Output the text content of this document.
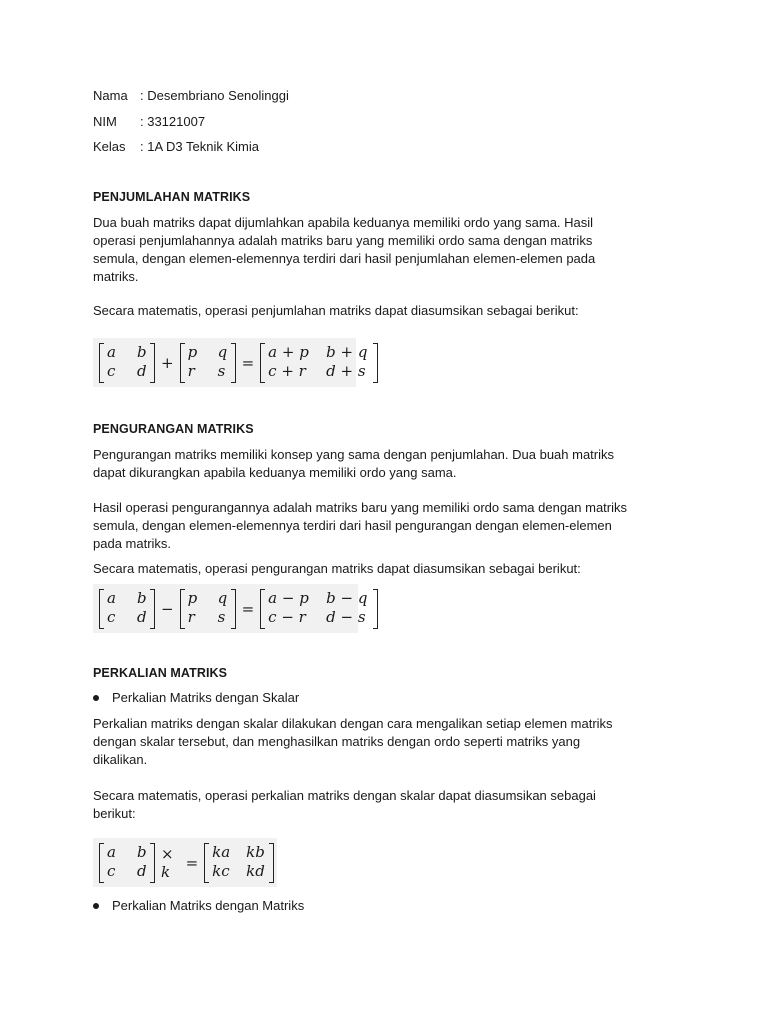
Nama : Desembriano Senolinggi
NIM : 33121007
Kelas : 1A D3 Teknik Kimia
PENJUMLAHAN MATRIKS
Dua buah matriks dapat dijumlahkan apabila keduanya memiliki ordo yang sama. Hasil
operasi penjumlahannya adalah matriks baru yang memiliki ordo sama dengan matriks
semula, dengan elemen-elemennya terdiri dari hasil penjumlahan elemen-elemen pada
matriks.
Secara matematis, operasi penjumlahan matriks dapat diasumsikan sebagai berikut:
a	b
c	d +
p	q
r	s	=
a + p	b + q
c + r	d + s
PENGURANGAN MATRIKS
Pengurangan matriks memiliki konsep yang sama dengan penjumlahan. Dua buah matriks
dapat dikurangkan apabila keduanya memiliki ordo yang sama.
Hasil operasi pengurangannya adalah matriks baru yang memiliki ordo sama dengan matriks
semula, dengan elemen-elemennya terdiri dari hasil pengurangan dengan elemen-elemen
pada matriks.
Secara matematis, operasi pengurangan matriks dapat diasumsikan sebagai berikut:
a	b
c	d −
p	q
r	s	=
a − p	b − q
c − r	d − s
PERKALIAN MATRIKS
Perkalian Matriks dengan Skalar
Perkalian matriks dengan skalar dilakukan dengan cara mengalikan setiap elemen matriks
dengan skalar tersebut, dan menghasilkan matriks dengan ordo seperti matriks yang
dikalikan.
Secara matematis, operasi perkalian matriks dengan skalar dapat diasumsikan sebagai
berikut:
a	b
c	d
× k	=
ka kb
kc	kd
Perkalian Matriks dengan Matriks
